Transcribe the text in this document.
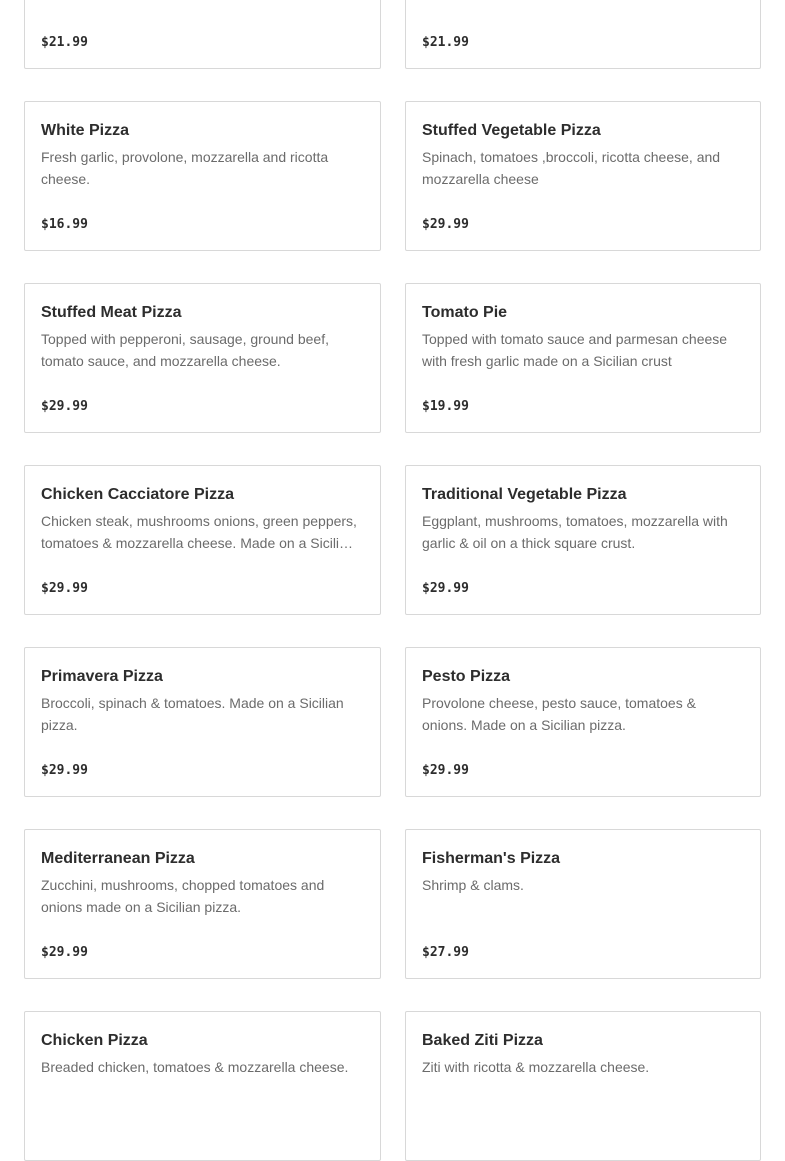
$21.99	$21.99
White Pizza
Fresh garlic, provolone, mozzarella and ricotta cheese.
$16.99
Stuffed Vegetable Pizza
Spinach, tomatoes ,broccoli, ricotta cheese, and mozzarella cheese
$29.99
Stuffed Meat Pizza
Topped with pepperoni, sausage, ground beef, tomato sauce, and mozzarella cheese.
$29.99
Tomato Pie
Topped with tomato sauce and parmesan cheese with fresh garlic made on a Sicilian crust
$19.99
Chicken Cacciatore Pizza
Chicken steak, mushrooms onions, green peppers, tomatoes & mozzarella cheese. Made on a Sicili…
$29.99
Traditional Vegetable Pizza
Eggplant, mushrooms, tomatoes, mozzarella with garlic & oil on a thick square crust.
$29.99
Primavera Pizza
Broccoli, spinach & tomatoes. Made on a Sicilian pizza.
$29.99
Pesto Pizza
Provolone cheese, pesto sauce, tomatoes & onions. Made on a Sicilian pizza.
$29.99
Mediterranean Pizza
Zucchini, mushrooms, chopped tomatoes and onions made on a Sicilian pizza.
$29.99
Fisherman's Pizza
Shrimp & clams.
$27.99
Chicken Pizza
Breaded chicken, tomatoes & mozzarella cheese.
Baked Ziti Pizza
Ziti with ricotta & mozzarella cheese.
